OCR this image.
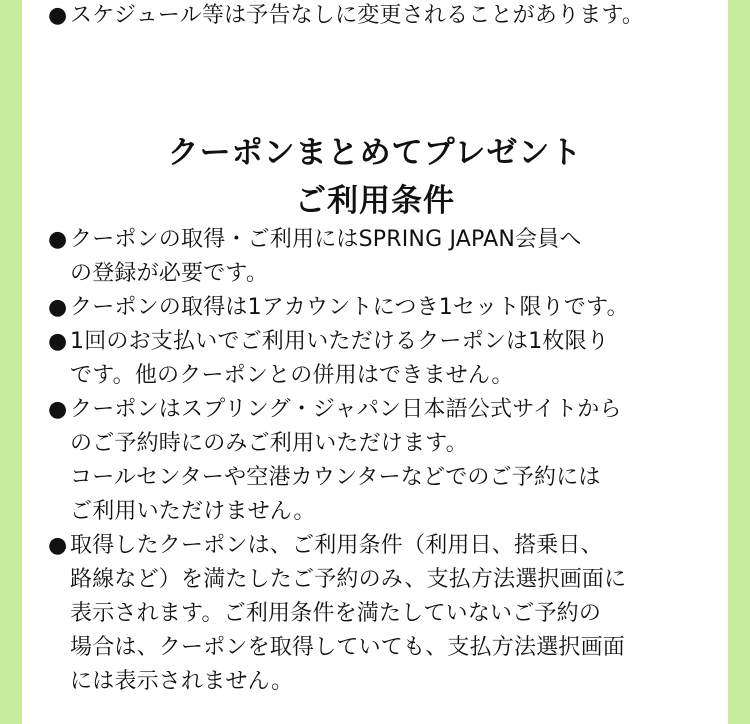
● スケジュール等は予告なしに変更されることがあります。

クーポンまとめてプレゼント
ご利用条件

● クーポンの取得・ご利用にはSPRING JAPAN会員へ
の登録が必要です。

● クーポンの取得は1アカウントにつき1セット限りです。

● 1回のお支払いでご利用いただけるクーポンは1枚限り
です。他のクーポンとの併用はできません。

● クーポンはスプリング・ジャパン日本語公式サイトから
のご予約時にのみご利用いただけます。
コールセンターや空港カウンターなどでのご予約には
ご利用いただけません。

● 取得したクーポンは、ご利用条件（利用日、搭乗日、
路線など）を満たしたご予約のみ、支払方法選択画面に
表示されます。ご利用条件を満たしていないご予約の
場合は、クーポンを取得していても、支払方法選択画面
には表示されません。
